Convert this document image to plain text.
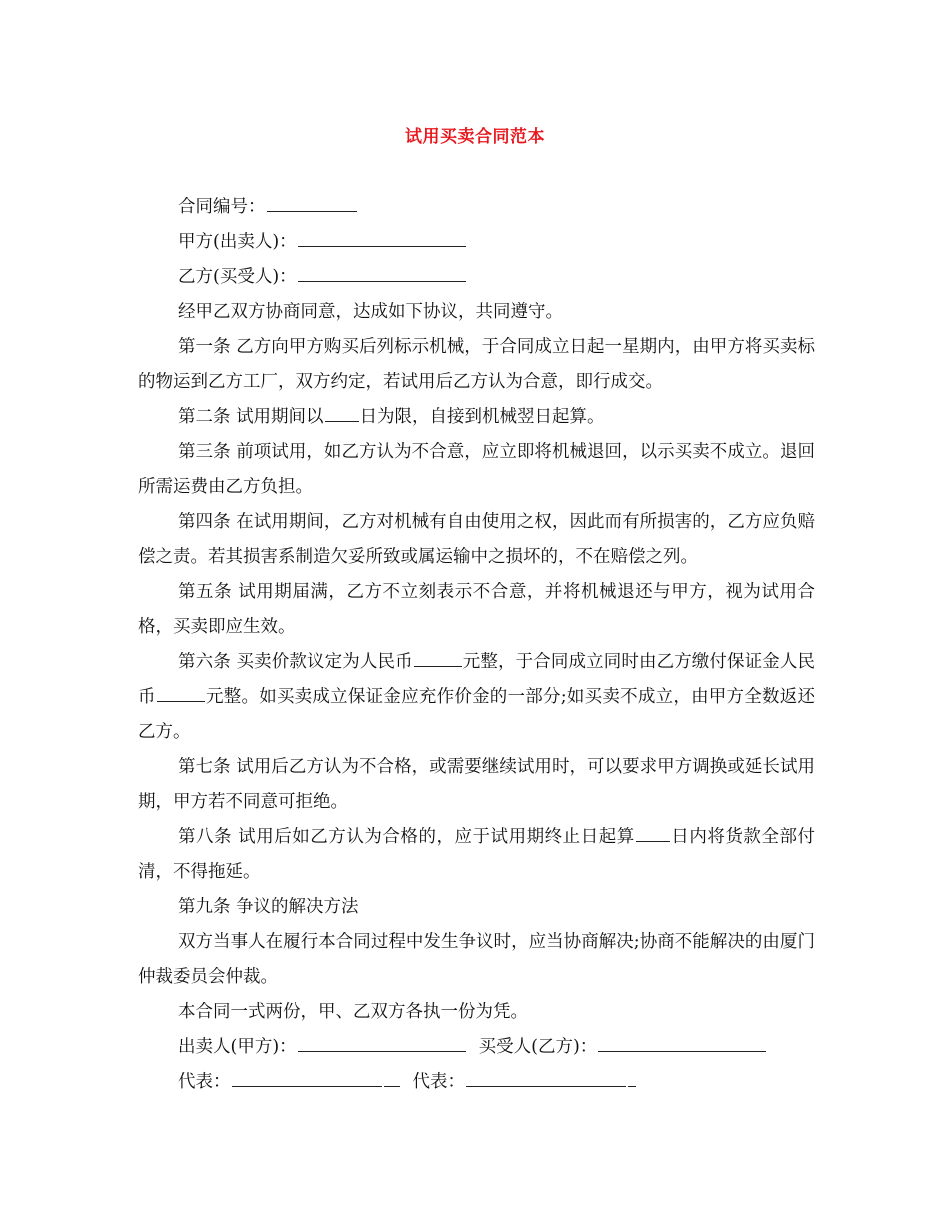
试用买卖合同范本

合同编号：

甲方(出卖人)：

乙方(买受人)：

经甲乙双方协商同意，达成如下协议，共同遵守。

第一条 乙方向甲方购买后列标示机械，于合同成立日起一星期内，由甲方将买卖标的物运到乙方工厂，双方约定，若试用后乙方认为合意，即行成交。

第二条 试用期间以 日为限，自接到机械翌日起算。

第三条 前项试用，如乙方认为不合意，应立即将机械退回，以示买卖不成立。退回所需运费由乙方负担。

第四条 在试用期间，乙方对机械有自由使用之权，因此而有所损害的，乙方应负赔偿之责。若其损害系制造欠妥所致或属运输中之损坏的，不在赔偿之列。

第五条 试用期届满，乙方不立刻表示不合意，并将机械退还与甲方，视为试用合格，买卖即应生效。

第六条 买卖价款议定为人民币	元整，于合同成立同时由乙方缴付保证金人民币	元整。如买卖成立保证金应充作价金的一部分;如买卖不成立，由甲方全数返还乙方。

第七条 试用后乙方认为不合格，或需要继续试用时，可以要求甲方调换或延长试用期，甲方若不同意可拒绝。

第八条 试用后如乙方认为合格的，应于试用期终止日起算 日内将货款全部付清，不得拖延。

第九条 争议的解决方法

双方当事人在履行本合同过程中发生争议时，应当协商解决;协商不能解决的由厦门仲裁委员会仲裁。

本合同一式两份，甲、乙双方各执一份为凭。

出卖人(甲方)：	买受人(乙方)：

代表：	代表：
